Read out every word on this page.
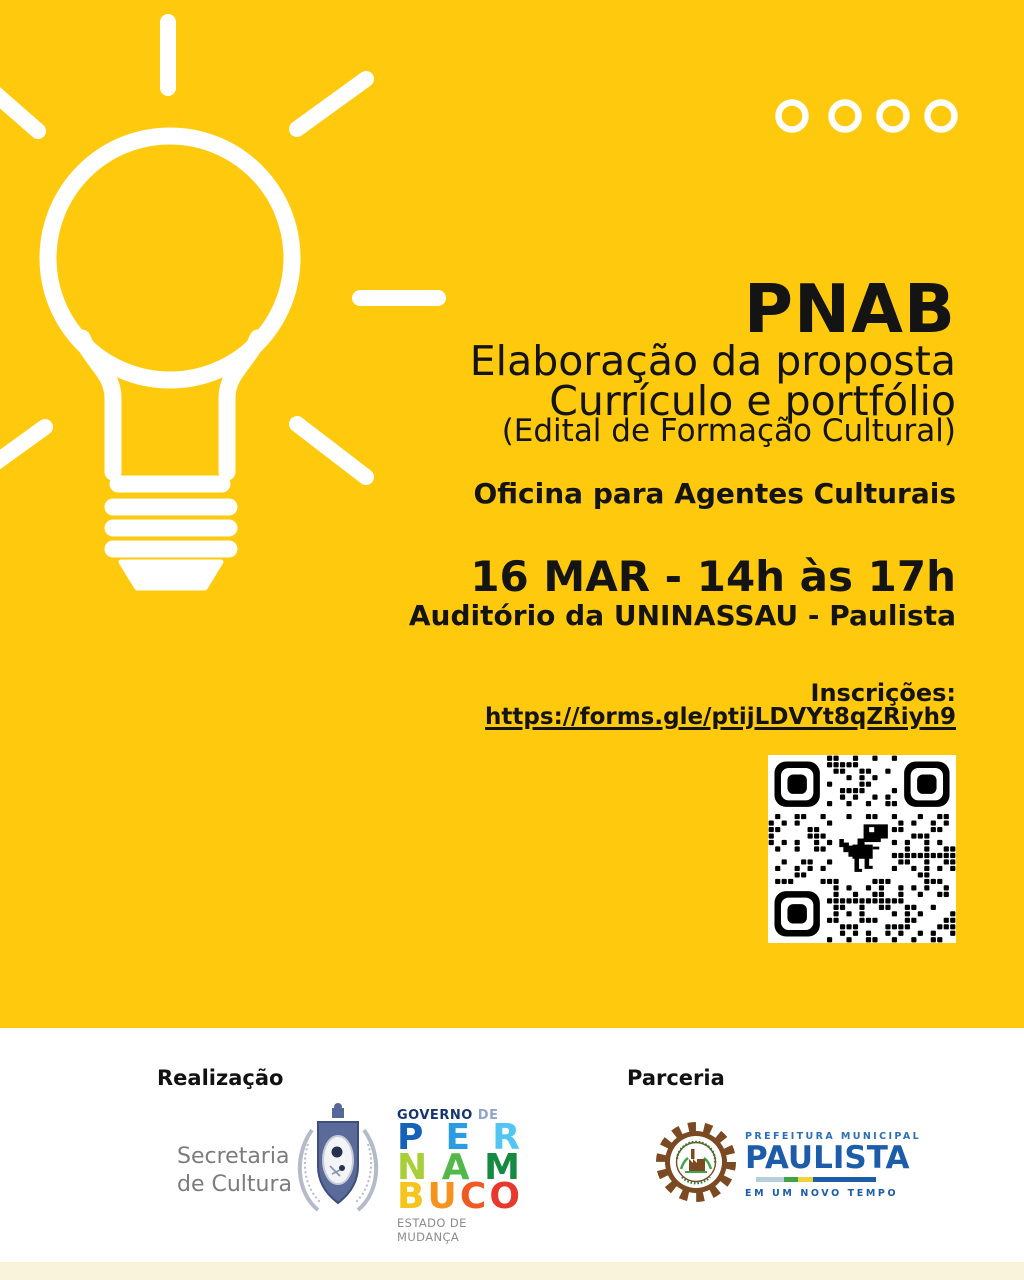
PNAB
Elaboração da proposta
Currículo e portfólio
(Edital de Formação Cultural)
Oficina para Agentes Culturais
16 MAR - 14h às 17h
Auditório da UNINASSAU - Paulista
Inscrições:
https://forms.gle/ptijLDVYt8qZRiyh9
Realização
Secretaria
de Cultura
GOVERNO DE
P E R
N A M
B U C O
ESTADO DE MUDANÇA
Parceria
PREFEITURA MUNICIPAL
PAULISTA
EM UM NOVO TEMPO
